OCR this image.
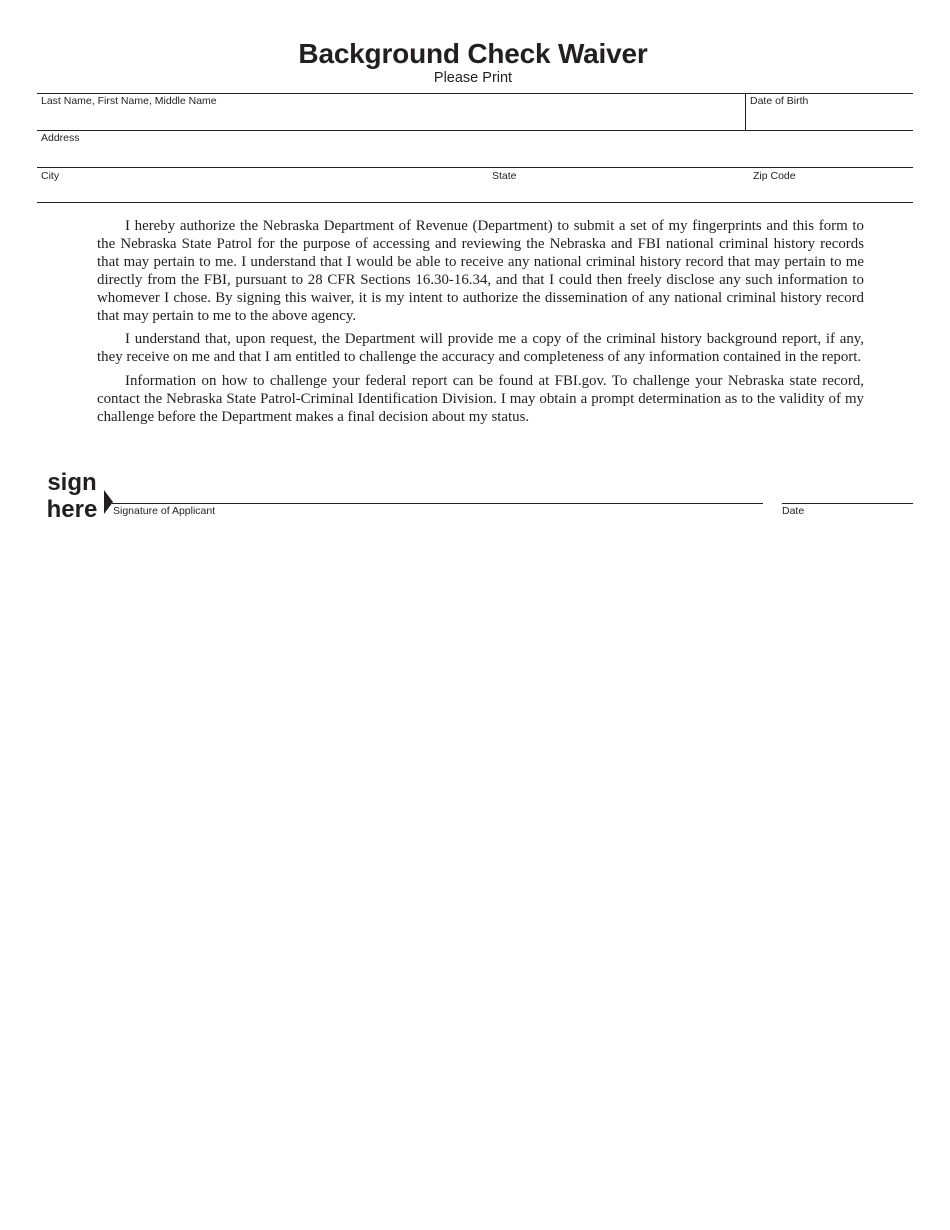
Background Check Waiver
Please Print
Last Name, First Name, Middle Name	Date of Birth
Address
City	State	Zip Code

I hereby authorize the Nebraska Department of Revenue (Department) to submit a set of my fingerprints and this form to the Nebraska State Patrol for the purpose of accessing and reviewing the Nebraska and FBI national criminal history records that may pertain to me. I understand that I would be able to receive any national criminal history record that may pertain to me directly from the FBI, pursuant to 28 CFR Sections 16.30-16.34, and that I could then freely disclose any such information to whomever I chose. By signing this waiver, it is my intent to authorize the dissemination of any national criminal history record that may pertain to me to the above agency.

I understand that, upon request, the Department will provide me a copy of the criminal history background report, if any, they receive on me and that I am entitled to challenge the accuracy and completeness of any information contained in the report.

Information on how to challenge your federal report can be found at FBI.gov. To challenge your Nebraska state record, contact the Nebraska State Patrol-Criminal Identification Division. I may obtain a prompt determination as to the validity of my challenge before the Department makes a final decision about my status.

sign
here	Signature of Applicant	Date
